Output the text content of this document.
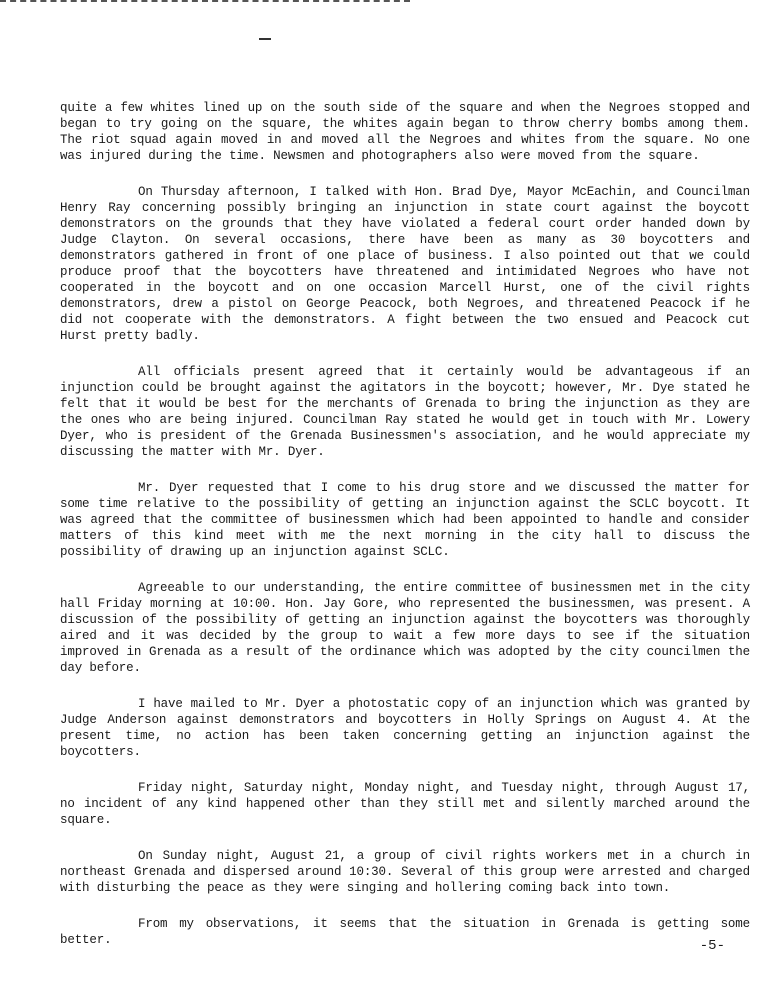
quite a few whites lined up on the south side of the square and when the Negroes stopped and began to try going on the square, the whites again began to throw cherry bombs among them. The riot squad again moved in and moved all the Negroes and whites from the square. No one was injured during the time. Newsmen and photographers also were moved from the square.

On Thursday afternoon, I talked with Hon. Brad Dye, Mayor McEachin, and Councilman Henry Ray concerning possibly bringing an injunction in state court against the boycott demonstrators on the grounds that they have violated a federal court order handed down by Judge Clayton. On several occasions, there have been as many as 30 boycotters and demonstrators gathered in front of one place of business. I also pointed out that we could produce proof that the boycotters have threatened and intimidated Negroes who have not cooperated in the boycott and on one occasion Marcell Hurst, one of the civil rights demonstrators, drew a pistol on George Peacock, both Negroes, and threatened Peacock if he did not cooperate with the demonstrators. A fight between the two ensued and Peacock cut Hurst pretty badly.

All officials present agreed that it certainly would be advantageous if an injunction could be brought against the agitators in the boycott; however, Mr. Dye stated he felt that it would be best for the merchants of Grenada to bring the injunction as they are the ones who are being injured. Councilman Ray stated he would get in touch with Mr. Lowery Dyer, who is president of the Grenada Businessmen's association, and he would appreciate my discussing the matter with Mr. Dyer.

Mr. Dyer requested that I come to his drug store and we discussed the matter for some time relative to the possibility of getting an injunction against the SCLC boycott. It was agreed that the committee of businessmen which had been appointed to handle and consider matters of this kind meet with me the next morning in the city hall to discuss the possibility of drawing up an injunction against SCLC.

Agreeable to our understanding, the entire committee of businessmen met in the city hall Friday morning at 10:00. Hon. Jay Gore, who represented the businessmen, was present. A discussion of the possibility of getting an injunction against the boycotters was thoroughly aired and it was decided by the group to wait a few more days to see if the situation improved in Grenada as a result of the ordinance which was adopted by the city councilmen the day before.

I have mailed to Mr. Dyer a photostatic copy of an injunction which was granted by Judge Anderson against demonstrators and boycotters in Holly Springs on August 4. At the present time, no action has been taken concerning getting an injunction against the boycotters.

Friday night, Saturday night, Monday night, and Tuesday night, through August 17, no incident of any kind happened other than they still met and silently marched around the square.

On Sunday night, August 21, a group of civil rights workers met in a church in northeast Grenada and dispersed around 10:30. Several of this group were arrested and charged with disturbing the peace as they were singing and hollering coming back into town.

From my observations, it seems that the situation in Grenada is getting some better.	-5-
